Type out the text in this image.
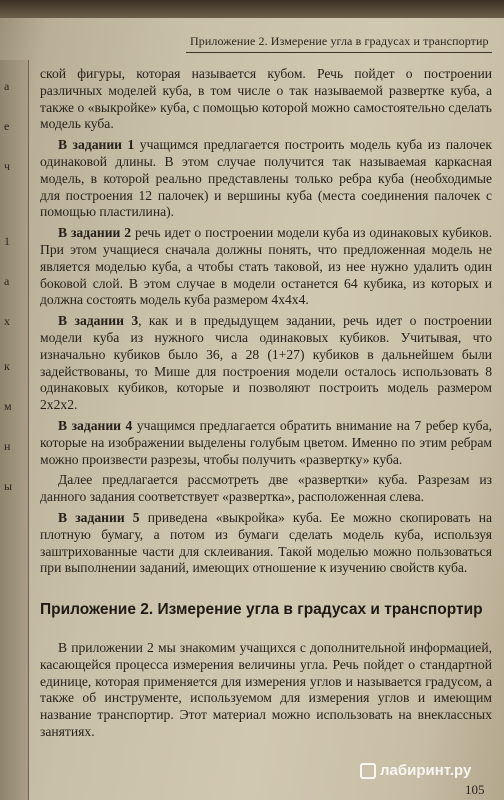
а
е
ч
1
а
х
к
м
н
ы
Приложение 2. Измерение угла в градусах и транспортир

ской фигуры, которая называется кубом. Речь пойдет о построении различных моделей куба, в том числе о так называемой развертке куба, а также о «выкройке» куба, с помощью которой можно самостоятельно сделать модель куба.

В задании 1 учащимся предлагается построить модель куба из палочек одинаковой длины. В этом случае получится так называемая каркасная модель, в которой реально представлены только ребра куба (необходимые для построения 12 палочек) и вершины куба (места соединения палочек с помощью пластилина).

В задании 2 речь идет о построении модели куба из одинаковых кубиков. При этом учащиеся сначала должны понять, что предложенная модель не является моделью куба, а чтобы стать таковой, из нее нужно удалить один боковой слой. В этом случае в модели останется 64 кубика, из которых и должна состоять модель куба размером 4x4x4.

В задании 3, как и в предыдущем задании, речь идет о построении модели куба из нужного числа одинаковых кубиков. Учитывая, что изначально кубиков было 36, а 28 (1+27) кубиков в дальнейшем были задействованы, то Мише для построения модели осталось использовать 8 одинаковых кубиков, которые и позволяют построить модель размером 2x2x2.

В задании 4 учащимся предлагается обратить внимание на 7 ребер куба, которые на изображении выделены голубым цветом. Именно по этим ребрам можно произвести разрезы, чтобы получить «развертку» куба.

Далее предлагается рассмотреть две «развертки» куба. Разрезам из данного задания соответствует «развертка», расположенная слева.

В задании 5 приведена «выкройка» куба. Ее можно скопировать на плотную бумагу, а потом из бумаги сделать модель куба, используя заштрихованные части для склеивания. Такой моделью можно пользоваться при выполнении заданий, имеющих отношение к изучению свойств куба.

Приложение 2. Измерение угла в градусах и транспортир

В приложении 2 мы знакомим учащихся с дополнительной информацией, касающейся процесса измерения величины угла. Речь пойдет о стандартной единице, которая применяется для измерения углов и называется градусом, а также об инструменте, используемом для измерения углов и имеющим название транспортир. Этот материал можно использовать на внеклассных занятиях.

лабиринт.ру
105
